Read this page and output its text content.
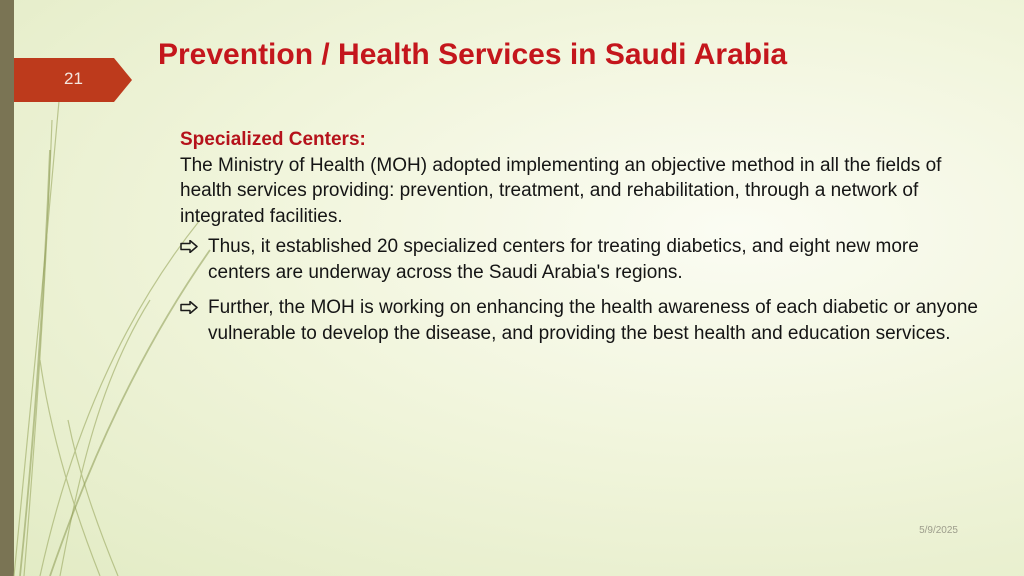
21
Prevention / Health Services in Saudi Arabia
Specialized Centers:
The Ministry of Health (MOH) adopted implementing an objective method in all the fields of health services providing: prevention, treatment, and rehabilitation, through a network of integrated facilities.
Thus, it established 20 specialized centers for treating diabetics, and eight new more centers are underway across the Saudi Arabia's regions.
Further, the MOH is working on enhancing the health awareness of each diabetic or anyone vulnerable to develop the disease, and providing the best health and education services.
5/9/2025
